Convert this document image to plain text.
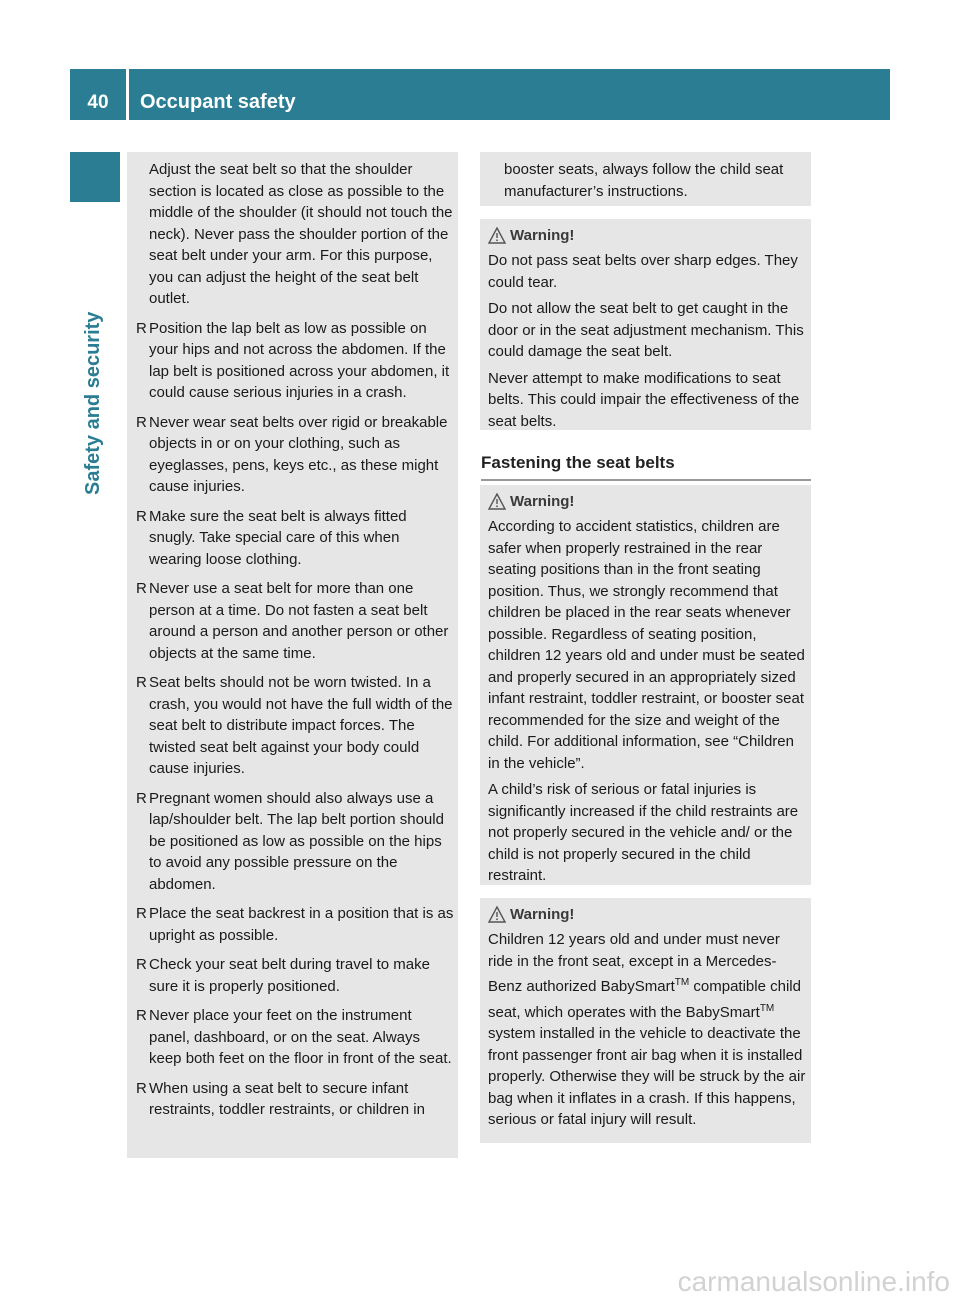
40	Occupant safety
Safety and security

Adjust the seat belt so that the shoulder section is located as close as possible to the middle of the shoulder (it should not touch the neck). Never pass the shoulder portion of the seat belt under your arm. For this purpose, you can adjust the height of the seat belt outlet.

R Position the lap belt as low as possible on your hips and not across the abdomen. If the lap belt is positioned across your abdomen, it could cause serious injuries in a crash.
R Never wear seat belts over rigid or breakable objects in or on your clothing, such as eyeglasses, pens, keys etc., as these might cause injuries.
R Make sure the seat belt is always fitted snugly. Take special care of this when wearing loose clothing.
R Never use a seat belt for more than one person at a time. Do not fasten a seat belt around a person and another person or other objects at the same time.
R Seat belts should not be worn twisted. In a crash, you would not have the full width of the seat belt to distribute impact forces. The twisted seat belt against your body could cause injuries.
R Pregnant women should also always use a lap/shoulder belt. The lap belt portion should be positioned as low as possible on the hips to avoid any possible pressure on the abdomen.
R Place the seat backrest in a position that is as upright as possible.
R Check your seat belt during travel to make sure it is properly positioned.
R Never place your feet on the instrument panel, dashboard, or on the seat. Always keep both feet on the floor in front of the seat.
R When using a seat belt to secure infant restraints, toddler restraints, or children in

booster seats, always follow the child seat manufacturer’s instructions.

Warning!

Do not pass seat belts over sharp edges. They could tear.

Do not allow the seat belt to get caught in the door or in the seat adjustment mechanism. This could damage the seat belt.

Never attempt to make modifications to seat belts. This could impair the effectiveness of the seat belts.

Fastening the seat belts
Warning!

According to accident statistics, children are safer when properly restrained in the rear seating positions than in the front seating position. Thus, we strongly recommend that children be placed in the rear seats whenever possible. Regardless of seating position, children 12 years old and under must be seated and properly secured in an appropriately sized infant restraint, toddler restraint, or booster seat recommended for the size and weight of the child. For additional information, see “Children in the vehicle”.

A child’s risk of serious or fatal injuries is significantly increased if the child restraints are not properly secured in the vehicle and/ or the child is not properly secured in the child restraint.

Warning!

Children 12 years old and under must never ride in the front seat, except in a Mercedes-Benz authorized BabySmart™ compatible child seat, which operates with the BabySmart™ system installed in the vehicle to deactivate the front passenger front air bag when it is installed properly. Otherwise they will be struck by the air bag when it inflates in a crash. If this happens, serious or fatal injury will result.

carmanualsonline.info
